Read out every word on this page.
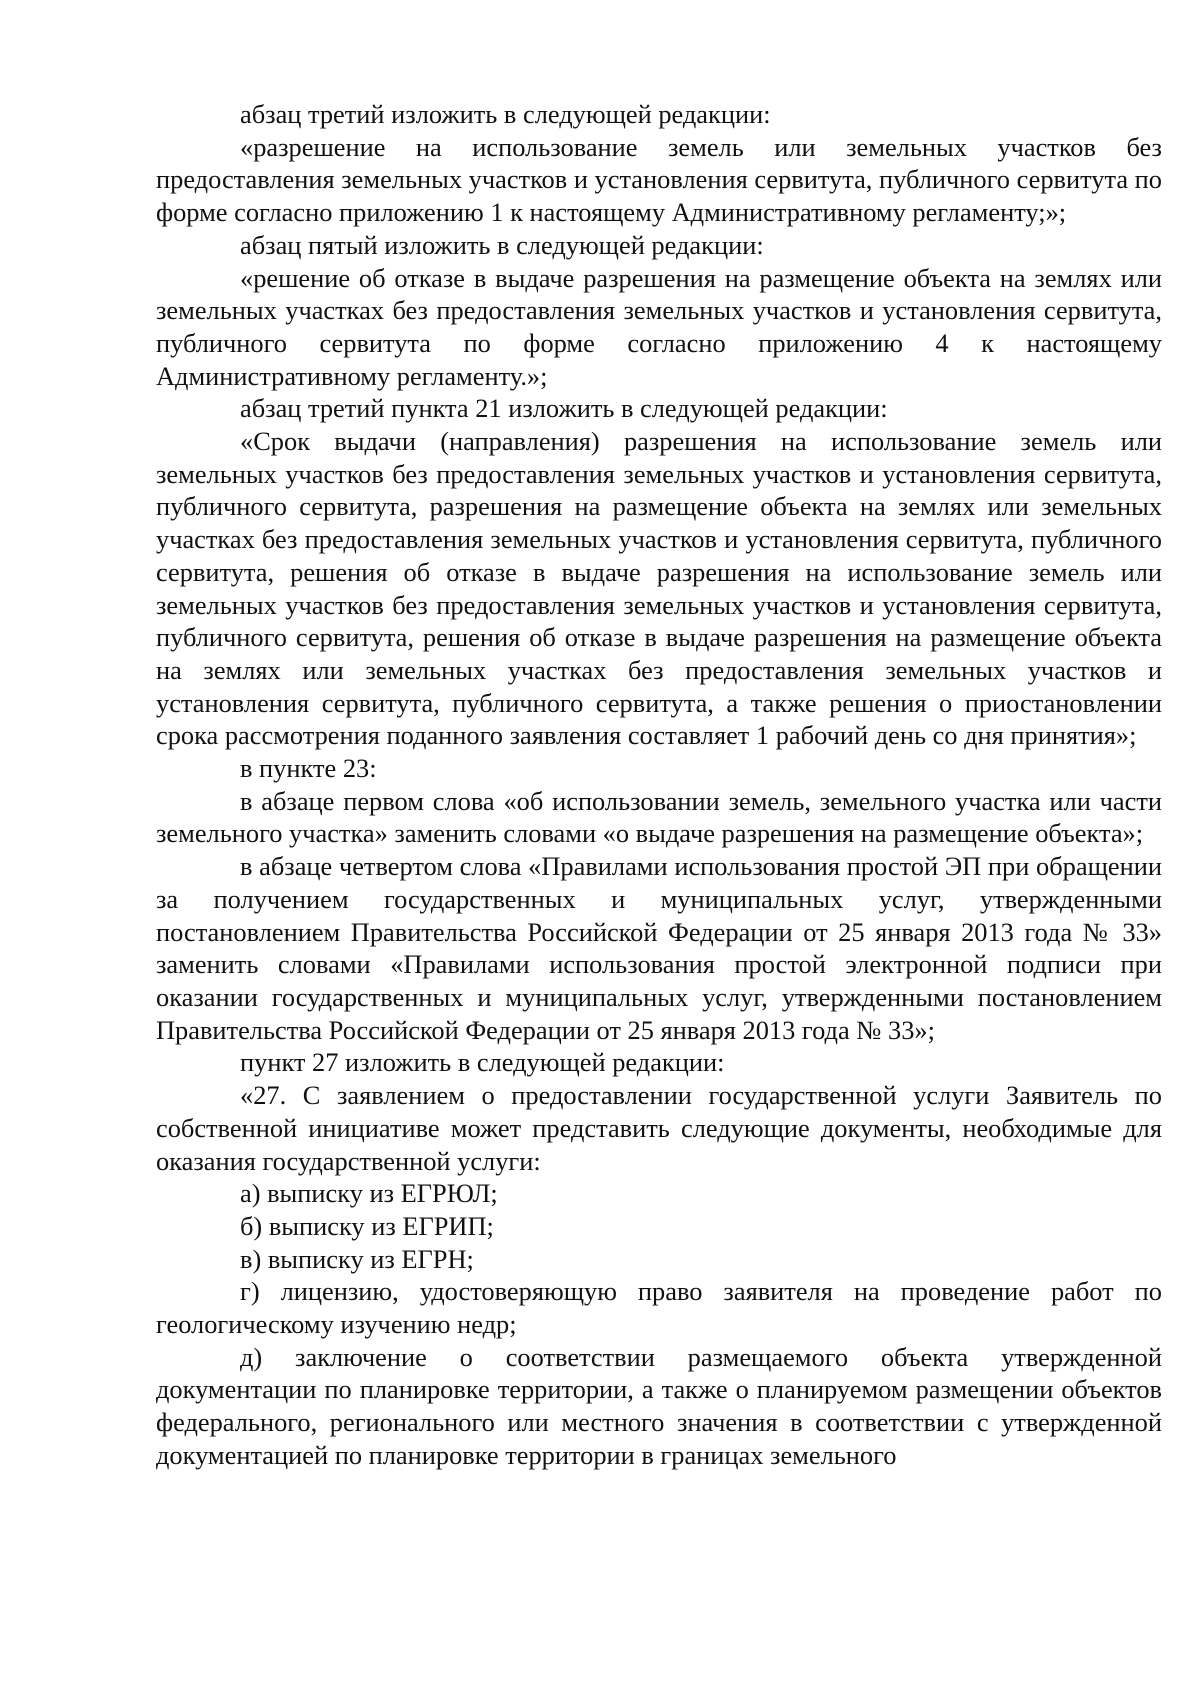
абзац третий изложить в следующей редакции:

«разрешение на использование земель или земельных участков без предоставления земельных участков и установления сервитута, публичного сервитута по форме согласно приложению 1 к настоящему Административному регламенту;»;

абзац пятый изложить в следующей редакции:

«решение об отказе в выдаче разрешения на размещение объекта на землях или земельных участках без предоставления земельных участков и установления сервитута, публичного сервитута по форме согласно приложению 4 к настоящему Административному регламенту.»;

абзац третий пункта 21 изложить в следующей редакции:

«Срок выдачи (направления) разрешения на использование земель или земельных участков без предоставления земельных участков и установления сервитута, публичного сервитута, разрешения на размещение объекта на землях или земельных участках без предоставления земельных участков и установления сервитута, публичного сервитута, решения об отказе в выдаче разрешения на использование земель или земельных участков без предоставления земельных участков и установления сервитута, публичного сервитута, решения об отказе в выдаче разрешения на размещение объекта на землях или земельных участках без предоставления земельных участков и установления сервитута, публичного сервитута, а также решения о приостановлении срока рассмотрения поданного заявления составляет 1 рабочий день со дня принятия»;

в пункте 23:

в абзаце первом слова «об использовании земель, земельного участка или части земельного участка» заменить словами «о выдаче разрешения на размещение объекта»;

в абзаце четвертом слова «Правилами использования простой ЭП при обращении за получением государственных и муниципальных услуг, утвержденными постановлением Правительства Российской Федерации от 25 января 2013 года № 33» заменить словами «Правилами использования простой электронной подписи при оказании государственных и муниципальных услуг, утвержденными постановлением Правительства Российской Федерации от 25 января 2013 года № 33»;

пункт 27 изложить в следующей редакции:

«27. С заявлением о предоставлении государственной услуги Заявитель по собственной инициативе может представить следующие документы, необходимые для оказания государственной услуги:

а) выписку из ЕГРЮЛ;

б) выписку из ЕГРИП;

в) выписку из ЕГРН;

г) лицензию, удостоверяющую право заявителя на проведение работ по геологическому изучению недр;

д) заключение о соответствии размещаемого объекта утвержденной документации по планировке территории, а также о планируемом размещении объектов федерального, регионального или местного значения в соответствии с утвержденной документацией по планировке территории в границах земельного
